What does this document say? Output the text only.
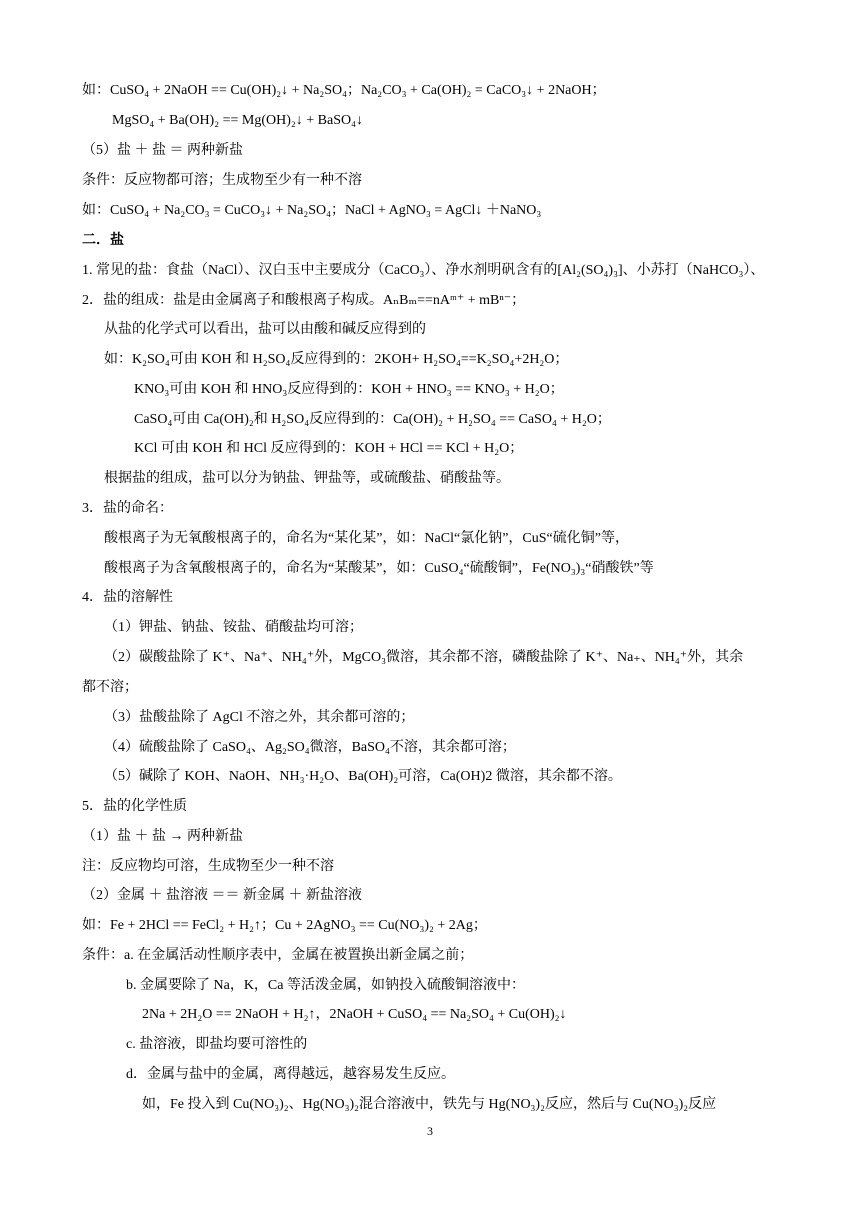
如：CuSO₄ + 2NaOH == Cu(OH)₂↓ + Na₂SO₄；Na₂CO₃ + Ca(OH)₂ = CaCO₃↓ + 2NaOH；
MgSO₄ + Ba(OH)₂ == Mg(OH)₂↓ + BaSO₄↓
（5）盐 ＋ 盐 ＝ 两种新盐
条件：反应物都可溶；生成物至少有一种不溶
如：CuSO₄ + Na₂CO₃ = CuCO₃↓ + Na₂SO₄；NaCl + AgNO₃ = AgCl↓ ＋NaNO₃
二．盐
1. 常见的盐：食盐（NaCl）、汉白玉中主要成分（CaCO₃）、净水剂明矾含有的[Al₂(SO₄)₃]、小苏打（NaHCO₃）、
2．盐的组成：盐是由金属离子和酸根离子构成。AₙBₘ==nAᵐ⁺ + mBⁿ⁻；
从盐的化学式可以看出，盐可以由酸和碱反应得到的
如：K₂SO₄可由 KOH 和 H₂SO₄反应得到的：2KOH+ H₂SO₄==K₂SO₄+2H₂O；
KNO₃可由 KOH 和 HNO₃反应得到的：KOH + HNO₃ == KNO₃ + H₂O；
CaSO₄可由 Ca(OH)₂和 H₂SO₄反应得到的：Ca(OH)₂ + H₂SO₄ == CaSO₄ + H₂O；
KCl 可由 KOH 和 HCl 反应得到的：KOH + HCl == KCl + H₂O；
根据盐的组成，盐可以分为钠盐、钾盐等，或硫酸盐、硝酸盐等。
3．盐的命名：
酸根离子为无氧酸根离子的，命名为“某化某”，如：NaCl“氯化钠”，CuS“硫化铜”等，
酸根离子为含氧酸根离子的，命名为“某酸某”，如：CuSO₄“硫酸铜”，Fe(NO₃)₃“硝酸铁”等
4．盐的溶解性
（1）钾盐、钠盐、铵盐、硝酸盐均可溶；
（2）碳酸盐除了 K⁺、Na⁺、NH₄⁺外，MgCO₃微溶，其余都不溶，磷酸盐除了 K⁺、Na₊、NH₄⁺外，其余
都不溶；
（3）盐酸盐除了 AgCl 不溶之外，其余都可溶的；
（4）硫酸盐除了 CaSO₄、Ag₂SO₄微溶，BaSO₄不溶，其余都可溶；
（5）碱除了 KOH、NaOH、NH₃·H₂O、Ba(OH)₂可溶，Ca(OH)2 微溶，其余都不溶。
5．盐的化学性质
（1）盐 ＋ 盐 → 两种新盐
注：反应物均可溶，生成物至少一种不溶
（2）金属 ＋ 盐溶液 ＝＝ 新金属 ＋ 新盐溶液
如：Fe + 2HCl == FeCl₂ + H₂↑；Cu + 2AgNO₃ == Cu(NO₃)₂ + 2Ag；
条件：a. 在金属活动性顺序表中，金属在被置换出新金属之前；
b. 金属要除了 Na，K，Ca 等活泼金属，如钠投入硫酸铜溶液中：
2Na + 2H₂O == 2NaOH + H₂↑，2NaOH + CuSO₄ == Na₂SO₄ + Cu(OH)₂↓
c. 盐溶液，即盐均要可溶性的
d．金属与盐中的金属，离得越远，越容易发生反应。
如，Fe 投入到 Cu(NO₃)₂、Hg(NO₃)₂混合溶液中，铁先与 Hg(NO₃)₂反应，然后与 Cu(NO₃)₂反应
3
